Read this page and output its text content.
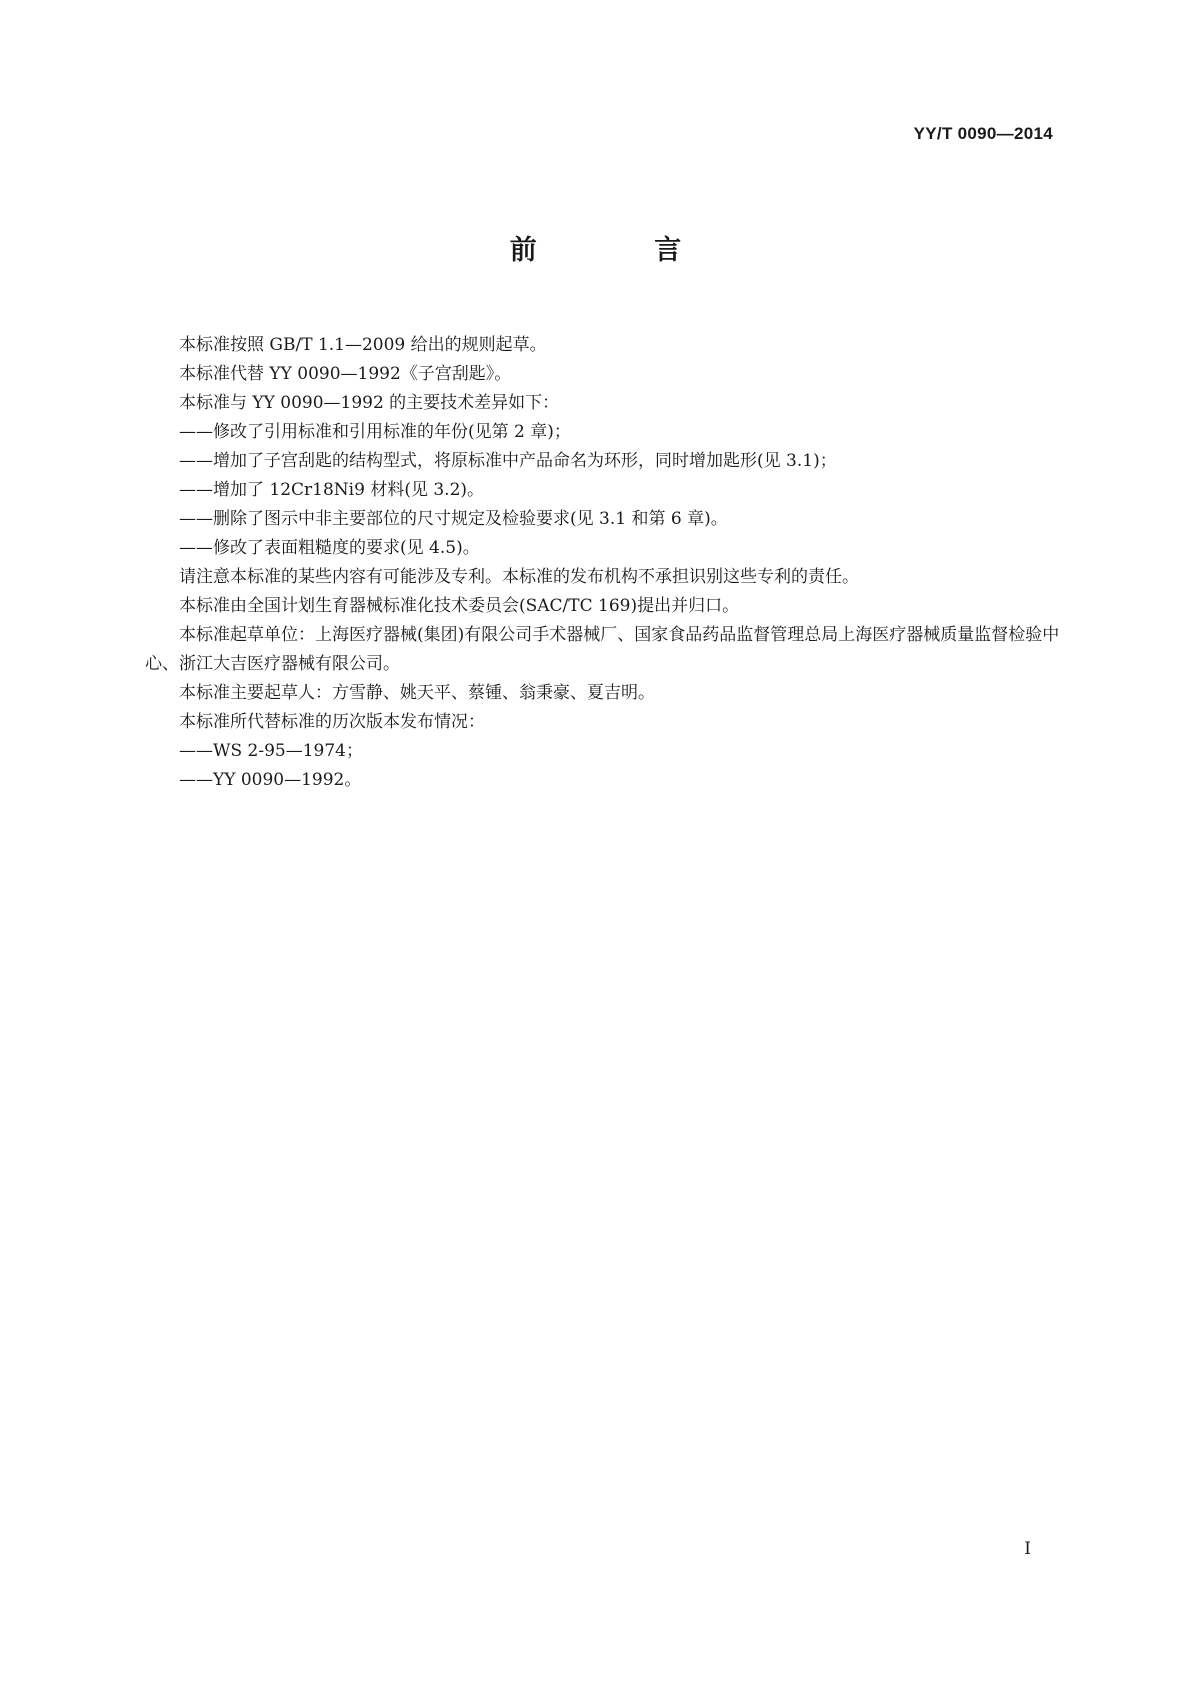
YY/T 0090—2014
前 言

本标准按照 GB/T 1.1—2009 给出的规则起草。

本标准代替 YY 0090—1992《子宫刮匙》。

本标准与 YY 0090—1992 的主要技术差异如下：

——修改了引用标准和引用标准的年份(见第 2 章)；

——增加了子宫刮匙的结构型式，将原标准中产品命名为环形，同时增加匙形(见 3.1)；

——增加了 12Cr18Ni9 材料(见 3.2)。

——删除了图示中非主要部位的尺寸规定及检验要求(见 3.1 和第 6 章)。

——修改了表面粗糙度的要求(见 4.5)。

请注意本标准的某些内容有可能涉及专利。本标准的发布机构不承担识别这些专利的责任。

本标准由全国计划生育器械标准化技术委员会(SAC/TC 169)提出并归口。

本标准起草单位：上海医疗器械(集团)有限公司手术器械厂、国家食品药品监督管理总局上海医疗器械质量监督检验中心、浙江大吉医疗器械有限公司。

本标准主要起草人：方雪静、姚天平、蔡锺、翁秉豪、夏吉明。

本标准所代替标准的历次版本发布情况：

——WS 2-95—1974；

——YY 0090—1992。

I
